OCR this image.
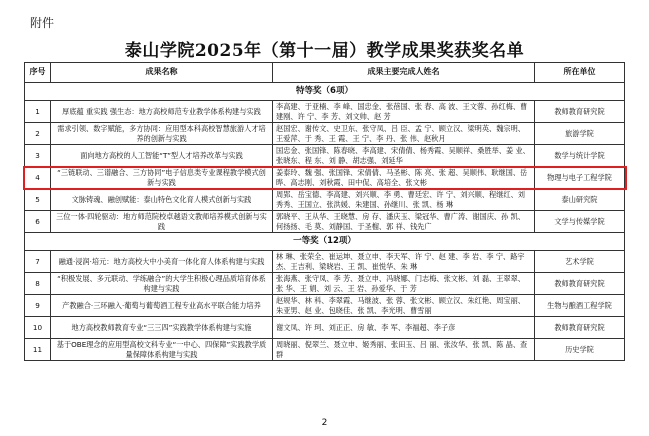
附件
泰山学院2025年（第十一届）教学成果奖获奖名单
序号	成果名称	成果主要完成人姓名	所在单位
特等奖（6项）			
1	厚底蕴 重实践 强生态：地方高校师范专业教学体系构建与实践	李高建、于亚楠、李 峰、国忠金、张蓓国、张 春、高 波、王文蓉、孙红梅、曹建刚、许 宁、李 芳、刘文帅、赵 芳	教师教育研究院
2	需求引领、数字赋能，多方协同：应用型本科高校智慧旅游人才培养的创新与实践	赵国宏、谢传文、史卫东、张守凤、吕 臣、孟 宁、顾立汉、梁明英、魏宗明、王爱萍、于 秀、王 霞、王 宁、李 丹、张 伟、赵秋月	旅游学院
3	面向地方高校的人工智能“T”型人才培养改革与实践	国忠金、张国锋、陈春晓、李高建、宋倩倩、杨秀霞、吴顺祥、桑胜举、姜 业、张晓东、程 东、刘 静、胡志强、刘延华	数学与统计学院
4	“三链联动、三谱融合、三方协同”电子信息类专业课程教学模式创新与实践	姜泰玲、魏 强、张国锋、宋倩倩、马圣彬、陈 亮、张 超、吴顺伟、耿继国、岳 晔、高志刚、刘秋霞、田中侃、高培全、张文彬	物理与电子工程学院
5	文脉铸魂、融创赋能：泰山特色文化育人模式创新与实践	周郢、岳宝德、李高建、刘兴顺、李 勇、曹廷宏、许 宁、刘兴顺、程继红、刘秀秀、王国立、张洪媛、朱建国、孙继川、张 凯、杨 琳	泰山研究院
6	三位一体·四轮驱动：地方师范院校卓越语文教师培养模式创新与实践	郭晓平、王从华、王晓慧、房 存、潘庆玉、梁冠华、曹广涛、谢国庆、孙 凯、何扬扬、毛 莫、刘静国、于圣榴、郭 祥、钱先广	文学与传媒学院
一等奖（12项）			
7	融通·浸润·培元：地方高校大中小美育一体化育人体系构建与实践	林 琳、张荣全、崔运坤、聂立申、李天军、许 宁、赵 建、李 岩、李 宁、路宇杰、王吉利、梁晓岩、王 凯、崔悦华、朱 琳	艺术学院
8	“积极发展、多元联动、学练融合”的大学生积极心理品质培育体系构建与实践	张海燕、张守凤、李 芳、聂立申、冯晓娜、门志梅、张文彬、刘 磊、王翠翠、张 华、王 娟、刘 云、王 岩、孙爱华、于 芳	教师教育研究院
9	产教融合·三环融入·葡萄与葡萄酒工程专业高水平联合能力培养	赵规华、林 科、李翠霞、马继波、张 蓉、张文彬、顾立汉、朱红艳、周宝丽、朱亚男、赵 业、包晓佳、张 凯、李光明、曹雪丽	生物与酿酒工程学院
10	地方高校教师教育专业“三三四”实践教学体系构建与实施	谢文凤、许 珂、刘正正、房 敏、李 军、李福超、李子彦	教师教育研究院
11	基于OBE理念的应用型高校文科专业“一中心、四保障”实践教学质量保障体系构建与实践	周晓丽、倪翠兰、聂立申、姬秀丽、张田玉、吕 丽、张汝华、张 凯、陈 晶、查 群	历史学院
2
